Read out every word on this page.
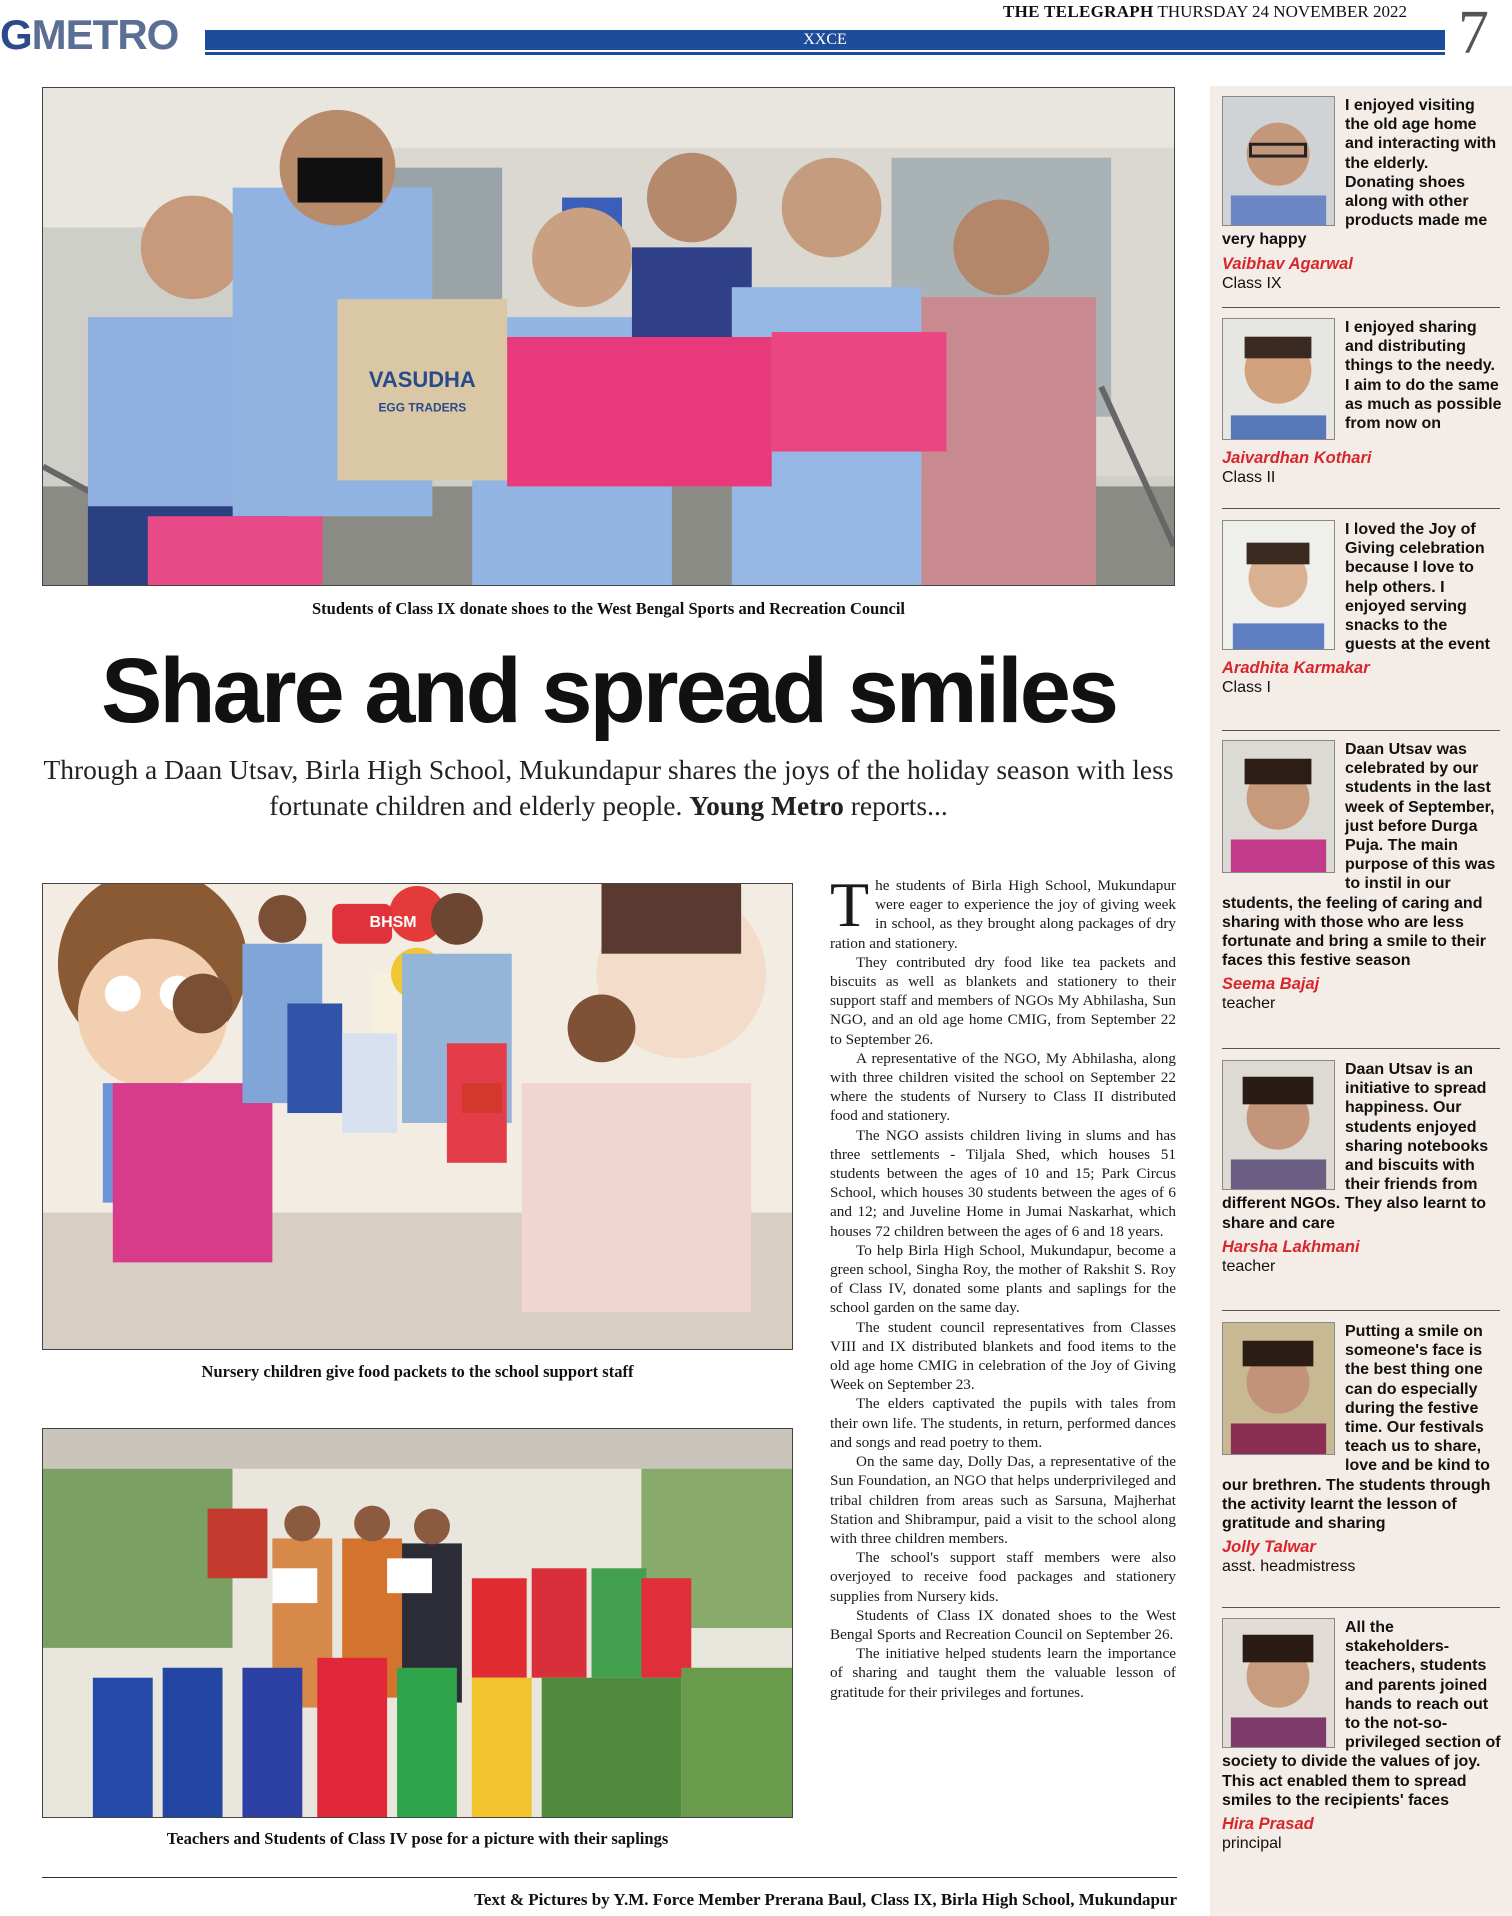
GMETRO	THE TELEGRAPH THURSDAY 24 NOVEMBER 2022
XXCE	7
VASUDHA
EGG TRADERS
Students of Class IX donate shoes to the West Bengal Sports and Recreation Council
Share and spread smiles
Through a Daan Utsav, Birla High School, Mukundapur shares the joys of the holiday season with less fortunate children and elderly people. Young Metro reports...
BHSM
Nursery children give food packets to the school support staff
Teachers and Students of Class IV pose for a picture with their saplings

The students of Birla High School, Mukundapur were eager to experience the joy of giving week in school, as they brought along packages of dry ration and stationery.

They contributed dry food like tea packets and biscuits as well as blankets and stationery to their support staff and members of NGOs My Abhilasha, Sun NGO, and an old age home CMIG, from September 22 to September 26.

A representative of the NGO, My Abhilasha, along with three children visited the school on September 22 where the students of Nursery to Class II distributed food and stationery.

The NGO assists children living in slums and has three settlements - Tiljala Shed, which houses 51 students between the ages of 10 and 15; Park Circus School, which houses 30 students between the ages of 6 and 12; and Juveline Home in Jumai Naskarhat, which houses 72 children between the ages of 6 and 18 years.

To help Birla High School, Mukundapur, become a green school, Singha Roy, the mother of Rakshit S. Roy of Class IV, donated some plants and saplings for the school garden on the same day.

The student council representatives from Classes VIII and IX distributed blankets and food items to the old age home CMIG in celebration of the Joy of Giving Week on September 23.

The elders captivated the pupils with tales from their own life. The students, in return, performed dances and songs and read poetry to them.

On the same day, Dolly Das, a representative of the Sun Foundation, an NGO that helps underprivileged and tribal children from areas such as Sarsuna, Majherhat Station and Shibrampur, paid a visit to the school along with three children members.

The school's support staff members were also overjoyed to receive food packages and stationery supplies from Nursery kids.

Students of Class IX donated shoes to the West Bengal Sports and Recreation Council on September 26.

The initiative helped students learn the importance of sharing and taught them the valuable lesson of gratitude for their privileges and fortunes.

Text & Pictures by Y.M. Force Member Prerana Baul, Class IX, Birla High School, Mukundapur
I enjoyed visiting the old age home and interacting with the elderly. Donating shoes along with other products made me very happy
Vaibhav Agarwal
Class IX
I enjoyed sharing and distributing things to the needy. I aim to do the same as much as possible from now on
Jaivardhan Kothari
Class II
I loved the Joy of Giving celebration because I love to help others. I enjoyed serving snacks to the guests at the event
Aradhita Karmakar
Class I
Daan Utsav was celebrated by our students in the last week of September, just before Durga Puja. The main purpose of this was to instil in our students, the feeling of caring and sharing with those who are less fortunate and bring a smile to their faces this festive season
Seema Bajaj
teacher
Daan Utsav is an initiative to spread happiness. Our students enjoyed sharing notebooks and biscuits with their friends from different NGOs. They also learnt to share and care
Harsha Lakhmani
teacher
Putting a smile on someone's face is the best thing one can do especially during the festive time. Our festivals teach us to share, love and be kind to our brethren. The students through the activity learnt the lesson of gratitude and sharing
Jolly Talwar
asst. headmistress
All the stakeholders- teachers, students and parents joined hands to reach out to the not-so-privileged section of society to divide the values of joy. This act enabled them to spread smiles to the recipients' faces
Hira Prasad
principal
